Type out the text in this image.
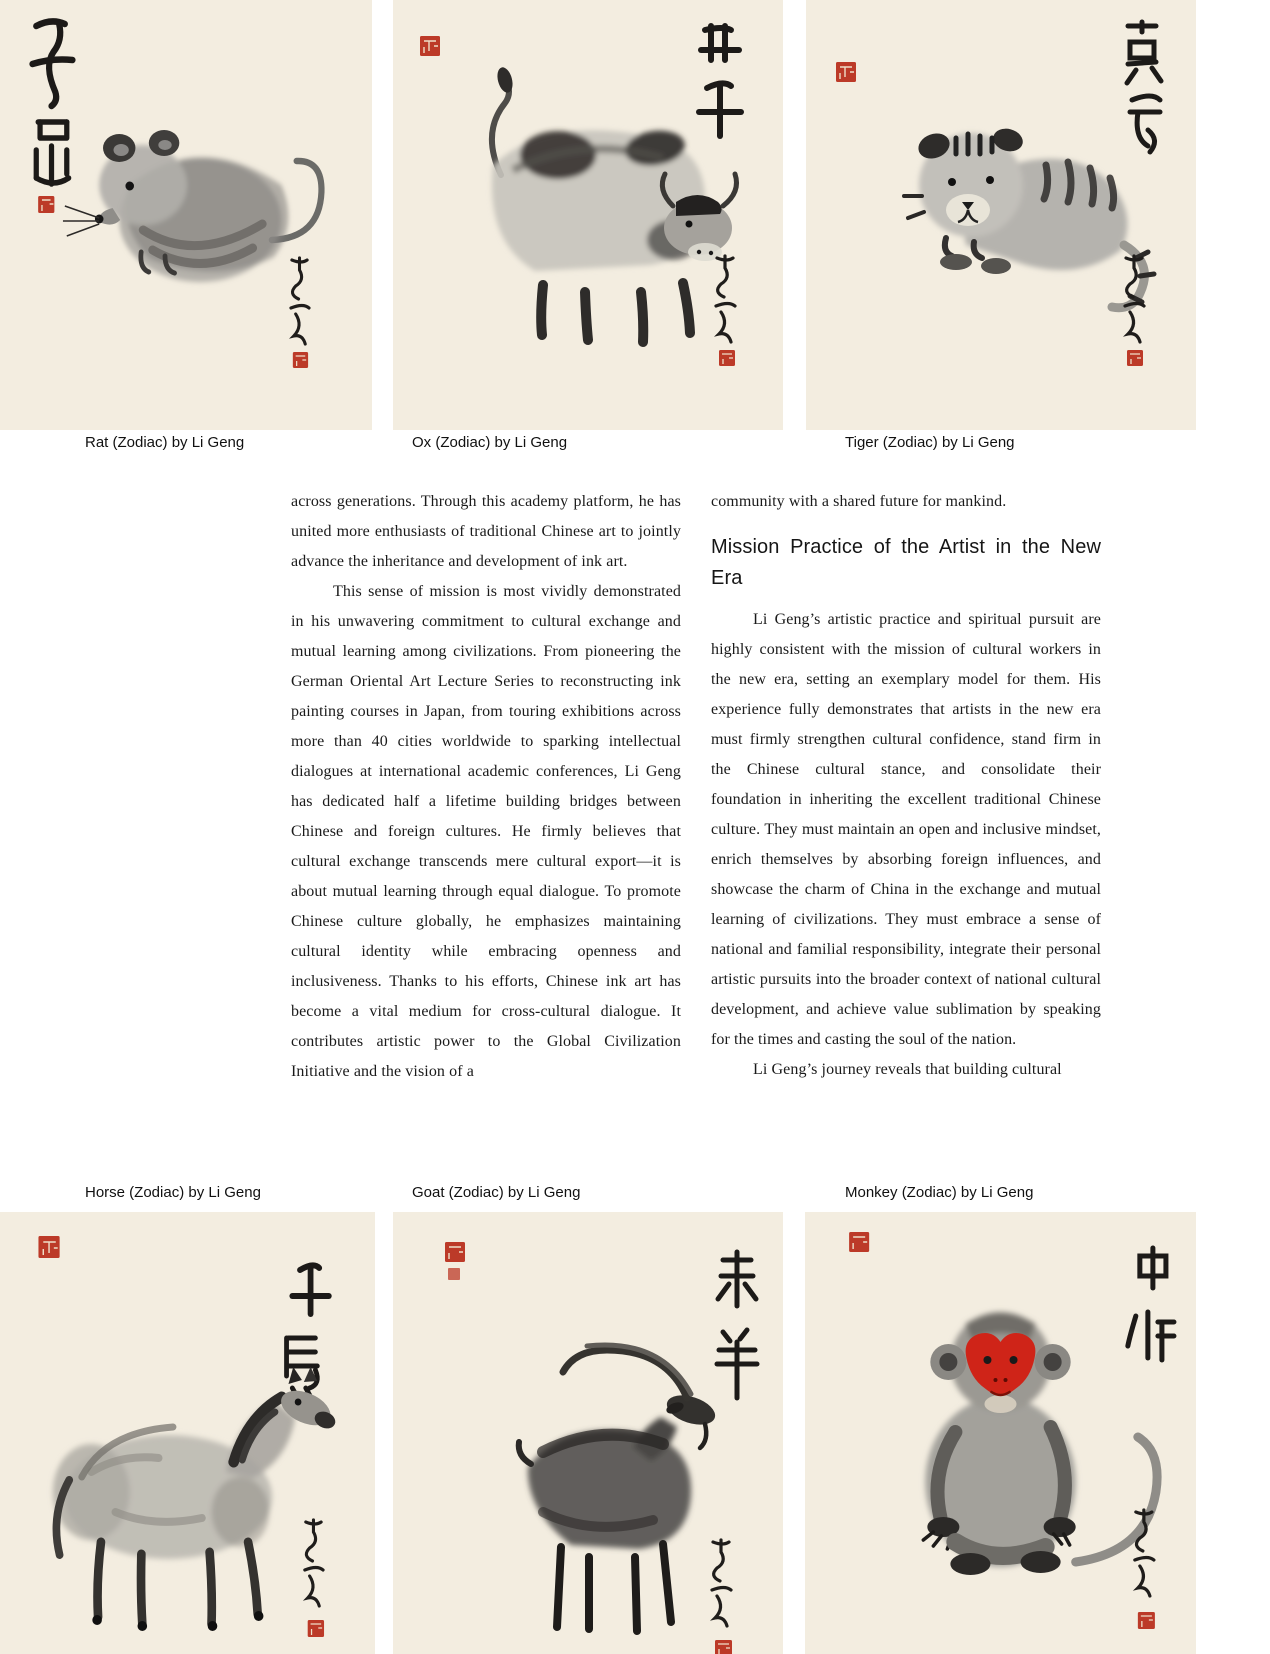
Rat (Zodiac) by Li Geng	Ox (Zodiac) by Li Geng	Tiger (Zodiac) by Li Geng

across generations. Through this academy platform, he has united more enthusiasts of traditional Chinese art to jointly advance the inheritance and development of ink art.

This sense of mission is most vividly demonstrated in his unwavering commitment to cultural exchange and mutual learning among civilizations. From pioneering the German Oriental Art Lecture Series to reconstructing ink painting courses in Japan, from touring exhibitions across more than 40 cities worldwide to sparking intellectual dialogues at international academic conferences, Li Geng has dedicated half a lifetime building bridges between Chinese and foreign cultures. He firmly believes that cultural exchange transcends mere cultural export—it is about mutual learning through equal dialogue. To promote Chinese culture globally, he emphasizes maintaining cultural identity while embracing openness and inclusiveness. Thanks to his efforts, Chinese ink art has become a vital medium for cross-cultural dialogue. It contributes artistic power to the Global Civilization Initiative and the vision of a

community with a shared future for mankind.

Mission Practice of the Artist in the New Era

Li Geng’s artistic practice and spiritual pursuit are highly consistent with the mission of cultural workers in the new era, setting an exemplary model for them. His experience fully demonstrates that artists in the new era must firmly strengthen cultural confidence, stand firm in the Chinese cultural stance, and consolidate their foundation in inheriting the excellent traditional Chinese culture. They must maintain an open and inclusive mindset, enrich themselves by absorbing foreign influences, and showcase the charm of China in the exchange and mutual learning of civilizations. They must embrace a sense of national and familial responsibility, integrate their personal artistic pursuits into the broader context of national cultural development, and achieve value sublimation by speaking for the times and casting the soul of the nation.

Li Geng’s journey reveals that building cultural

Horse (Zodiac) by Li Geng	Goat (Zodiac) by Li Geng	Monkey (Zodiac) by Li Geng
